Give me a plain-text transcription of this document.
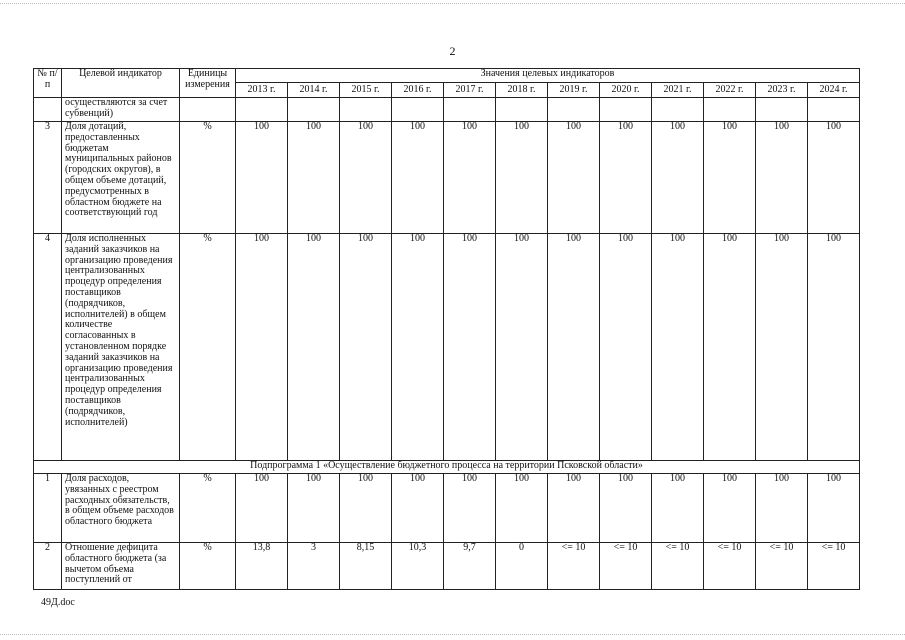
2
№ п/п	Целевой индикатор	Единицы измерения	Значения целевых индикаторов											
			2013 г.	2014 г.	2015 г.	2016 г.	2017 г.	2018 г.	2019 г.	2020 г.	2021 г.	2022 г.	2023 г.	2024 г.
	осуществляются за счет субвенций)													
3	Доля дотаций, предоставленных бюджетам муниципальных районов (городских округов), в общем объеме дотаций, предусмотренных в областном бюджете на соответствующий год	%	100	100	100	100	100	100	100	100	100	100	100	100
4	Доля исполненных заданий заказчиков на организацию проведения централизованных процедур определения поставщиков (подрядчиков, исполнителей) в общем количестве согласованных в установленном порядке заданий заказчиков на организацию проведения централизованных процедур определения поставщиков (подрядчиков, исполнителей)	%	100	100	100	100	100	100	100	100	100	100	100	100
Подпрограмма 1 «Осуществление бюджетного процесса на территории Псковской области»														
1	Доля расходов, увязанных с реестром расходных обязательств, в общем объеме расходов областного бюджета	%	100	100	100	100	100	100	100	100	100	100	100	100
2	Отношение дефицита областного бюджета (за вычетом объема поступлений от	%	13,8	3	8,15	10,3	9,7	0	<= 10	<= 10	<= 10	<= 10	<= 10	<= 10
49Д.doc
